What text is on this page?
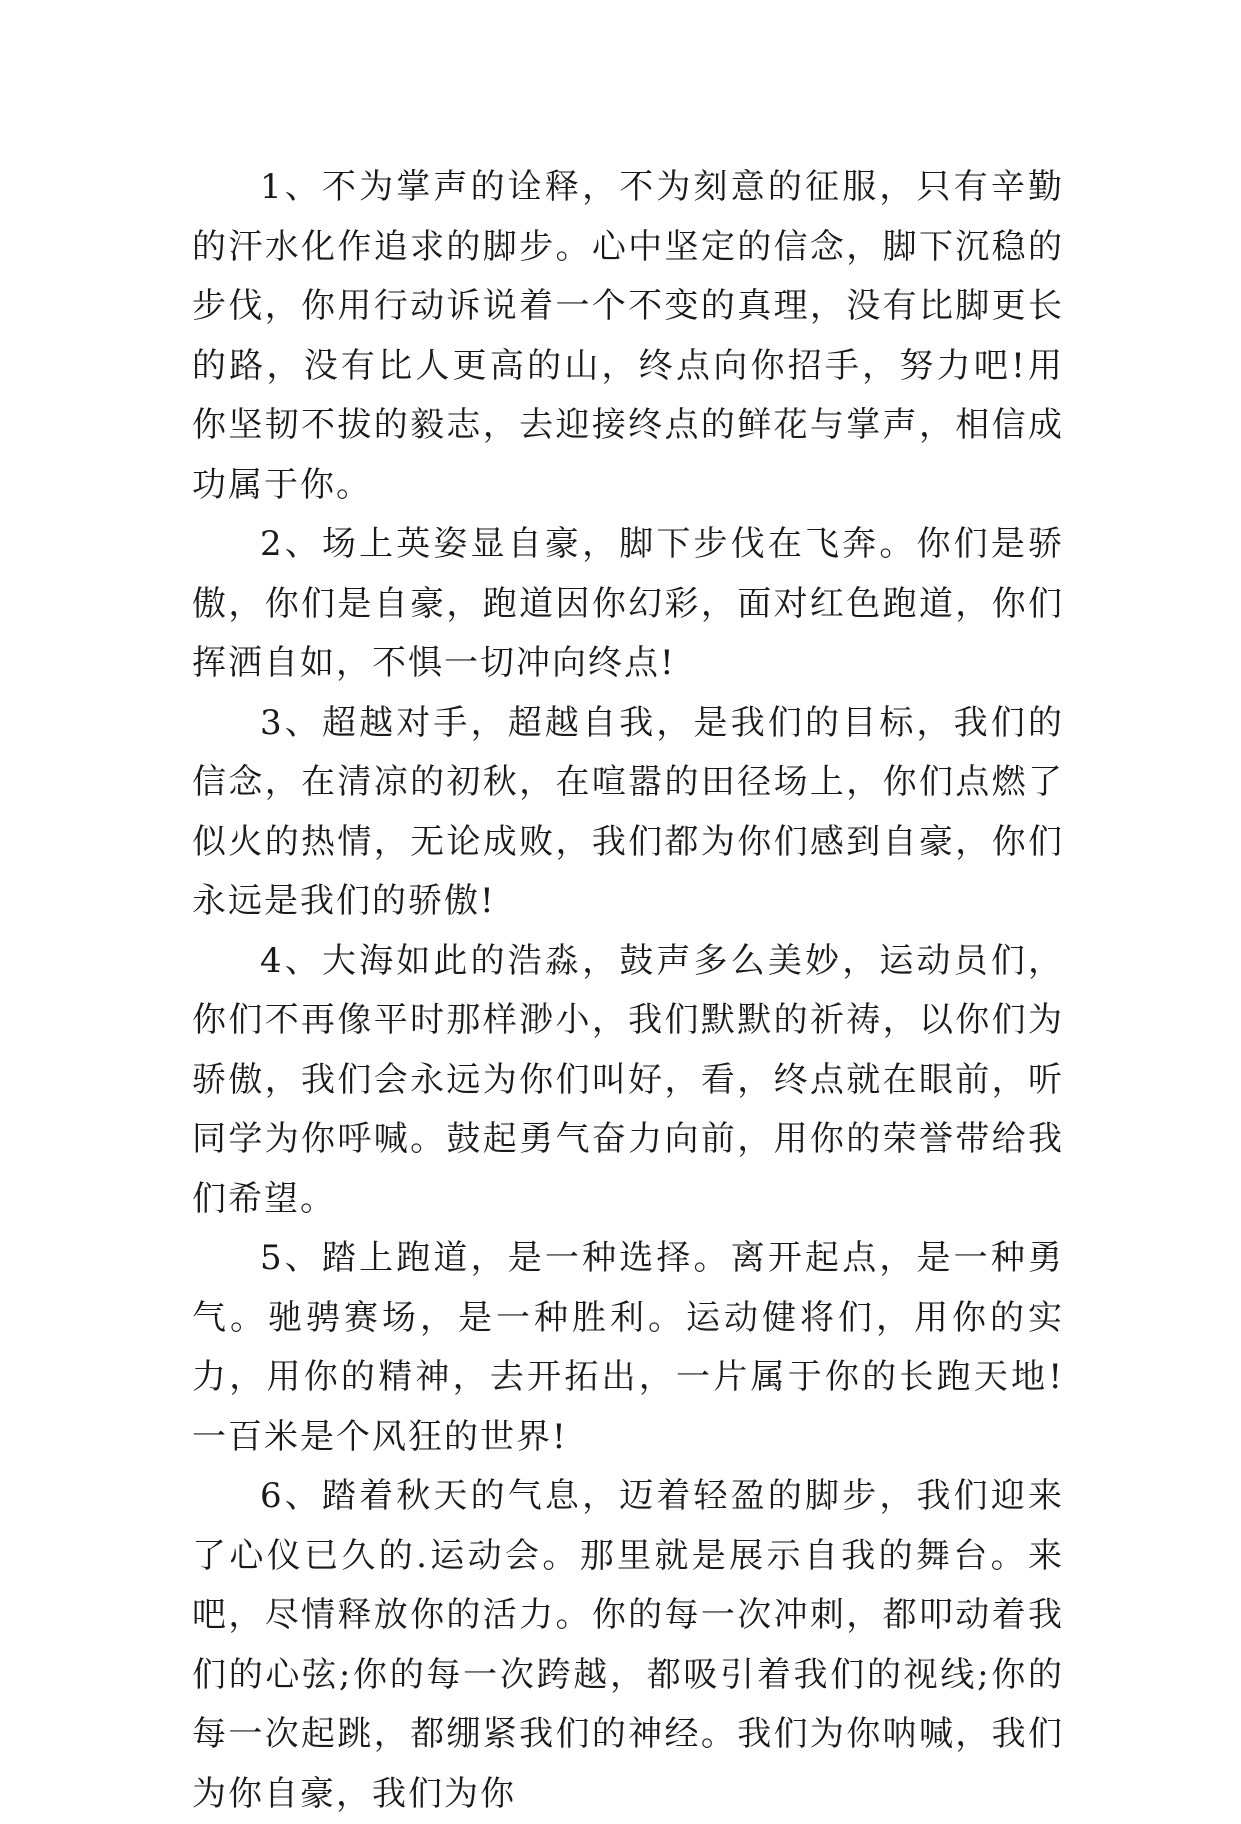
1、不为掌声的诠释，不为刻意的征服，只有辛勤的汗水化作追求的脚步。心中坚定的信念，脚下沉稳的步伐，你用行动诉说着一个不变的真理，没有比脚更长的路，没有比人更高的山，终点向你招手，努力吧!用你坚韧不拔的毅志，去迎接终点的鲜花与掌声，相信成功属于你。

2、场上英姿显自豪，脚下步伐在飞奔。你们是骄傲，你们是自豪，跑道因你幻彩，面对红色跑道，你们挥洒自如，不惧一切冲向终点!

3、超越对手，超越自我，是我们的目标，我们的信念，在清凉的初秋，在喧嚣的田径场上，你们点燃了似火的热情，无论成败，我们都为你们感到自豪，你们永远是我们的骄傲!

4、大海如此的浩淼，鼓声多么美妙，运动员们，你们不再像平时那样渺小，我们默默的祈祷，以你们为骄傲，我们会永远为你们叫好，看，终点就在眼前，听同学为你呼喊。鼓起勇气奋力向前，用你的荣誉带给我们希望。

5、踏上跑道，是一种选择。离开起点，是一种勇气。驰骋赛场，是一种胜利。运动健将们，用你的实力，用你的精神，去开拓出，一片属于你的长跑天地!一百米是个风狂的世界!

6、踏着秋天的气息，迈着轻盈的脚步，我们迎来了心仪已久的.运动会。那里就是展示自我的舞台。来吧，尽情释放你的活力。你的每一次冲刺，都叩动着我们的心弦;你的每一次跨越，都吸引着我们的视线;你的每一次起跳，都绷紧我们的神经。我们为你呐喊，我们为你自豪，我们为你
